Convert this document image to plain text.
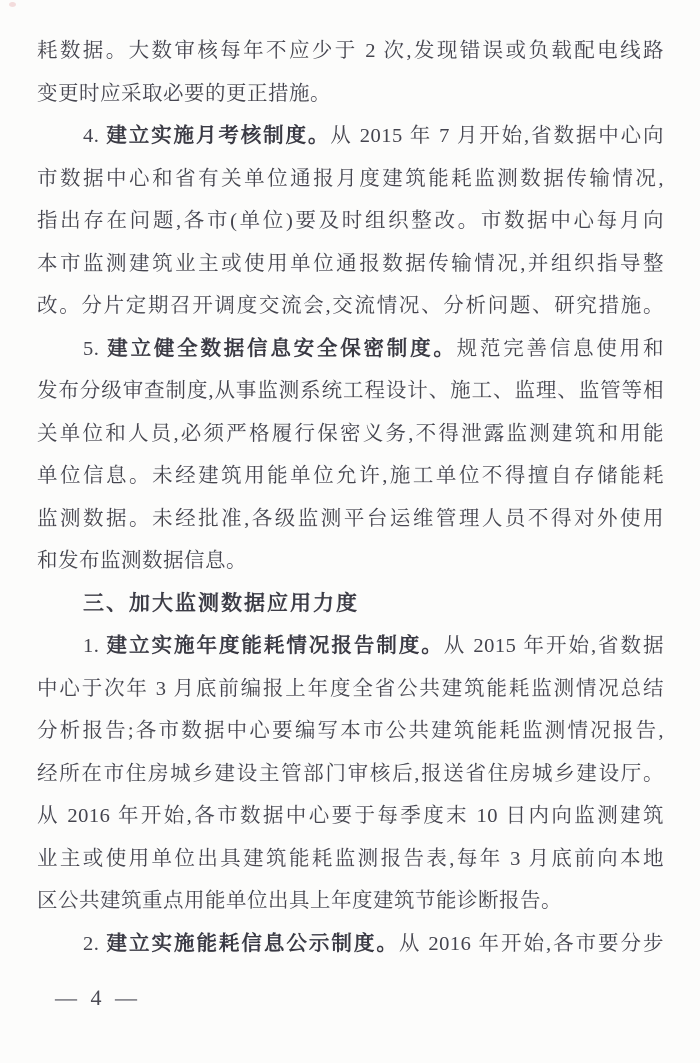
耗数据。大数审核每年不应少于 2 次,发现错误或负载配电线路
变更时应采取必要的更正措施。
4. 建立实施月考核制度。从 2015 年 7 月开始,省数据中心向
市数据中心和省有关单位通报月度建筑能耗监测数据传输情况,
指出存在问题,各市(单位)要及时组织整改。市数据中心每月向
本市监测建筑业主或使用单位通报数据传输情况,并组织指导整
改。分片定期召开调度交流会,交流情况、分析问题、研究措施。
5. 建立健全数据信息安全保密制度。规范完善信息使用和
发布分级审查制度,从事监测系统工程设计、施工、监理、监管等相
关单位和人员,必须严格履行保密义务,不得泄露监测建筑和用能
单位信息。未经建筑用能单位允许,施工单位不得擅自存储能耗
监测数据。未经批准,各级监测平台运维管理人员不得对外使用
和发布监测数据信息。
三、加大监测数据应用力度
1. 建立实施年度能耗情况报告制度。从 2015 年开始,省数据
中心于次年 3 月底前编报上年度全省公共建筑能耗监测情况总结
分析报告;各市数据中心要编写本市公共建筑能耗监测情况报告,
经所在市住房城乡建设主管部门审核后,报送省住房城乡建设厅。
从 2016 年开始,各市数据中心要于每季度末 10 日内向监测建筑
业主或使用单位出具建筑能耗监测报告表,每年 3 月底前向本地
区公共建筑重点用能单位出具上年度建筑节能诊断报告。
2. 建立实施能耗信息公示制度。从 2016 年开始,各市要分步
— 4 —
